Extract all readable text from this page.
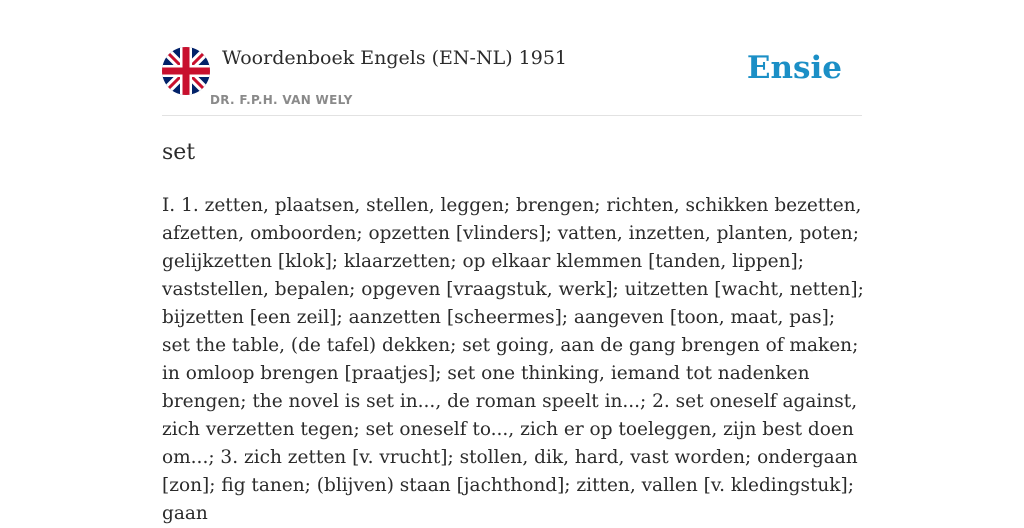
Woordenboek Engels (EN-NL) 1951
DR. F.P.H. VAN WELY
Ensie
set

I. 1. zetten, plaatsen, stellen, leggen; brengen; richten, schikken bezetten, afzetten, omboorden; opzetten [vlinders]; vatten, inzetten, planten, poten; gelijkzetten [klok]; klaarzetten; op elkaar klemmen [tanden, lippen]; vaststellen, bepalen; opgeven [vraagstuk, werk]; uitzetten [wacht, netten]; bijzetten [een zeil]; aanzetten [scheermes]; aangeven [toon, maat, pas]; set the table, (de tafel) dekken; set going, aan de gang brengen of maken; in omloop brengen [praatjes]; set one thinking, iemand tot nadenken brengen; the novel is set in..., de roman speelt in...; 2. set oneself against, zich verzetten tegen; set oneself to..., zich er op toeleggen, zijn best doen om...; 3. zich zetten [v. vrucht]; stollen, dik, hard, vast worden; ondergaan [zon]; fig tanen; (blijven) staan [jachthond]; zitten, vallen [v. kledingstuk]; gaan
